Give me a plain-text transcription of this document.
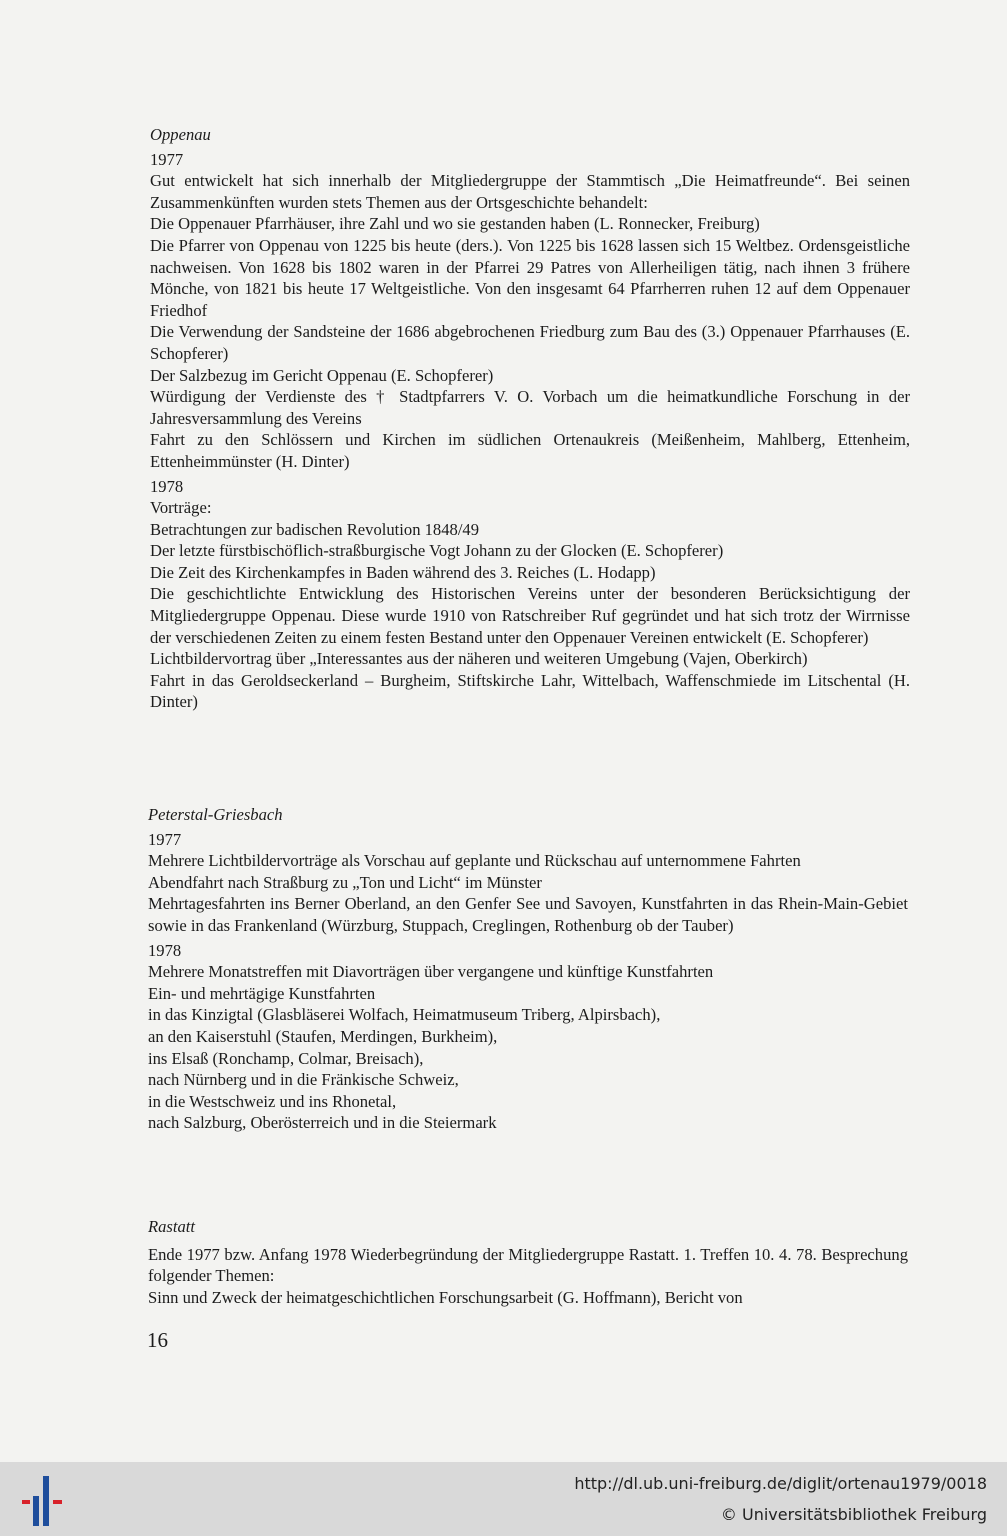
Oppenau

1977

Gut entwickelt hat sich innerhalb der Mitgliedergruppe der Stammtisch „Die Heimatfreunde“. Bei seinen Zusammenkünften wurden stets Themen aus der Ortsgeschichte behandelt:

Die Oppenauer Pfarrhäuser, ihre Zahl und wo sie gestanden haben (L. Ronnecker, Freiburg)

Die Pfarrer von Oppenau von 1225 bis heute (ders.). Von 1225 bis 1628 lassen sich 15 Weltbez. Ordensgeistliche nachweisen. Von 1628 bis 1802 waren in der Pfarrei 29 Patres von Allerheiligen tätig, nach ihnen 3 frühere Mönche, von 1821 bis heute 17 Weltgeistliche. Von den insgesamt 64 Pfarrherren ruhen 12 auf dem Oppenauer Friedhof

Die Verwendung der Sandsteine der 1686 abgebrochenen Friedburg zum Bau des (3.) Oppenauer Pfarrhauses (E. Schopferer)

Der Salzbezug im Gericht Oppenau (E. Schopferer)

Würdigung der Verdienste des † Stadtpfarrers V. O. Vorbach um die heimatkundliche Forschung in der Jahresversammlung des Vereins

Fahrt zu den Schlössern und Kirchen im südlichen Ortenaukreis (Meißenheim, Mahlberg, Ettenheim, Ettenheimmünster (H. Dinter)

1978

Vorträge:

Betrachtungen zur badischen Revolution 1848/49

Der letzte fürstbischöflich-straßburgische Vogt Johann zu der Glocken (E. Schopferer)

Die Zeit des Kirchenkampfes in Baden während des 3. Reiches (L. Hodapp)

Die geschichtlichte Entwicklung des Historischen Vereins unter der besonderen Berücksichtigung der Mitgliedergruppe Oppenau. Diese wurde 1910 von Ratschreiber Ruf gegründet und hat sich trotz der Wirrnisse der verschiedenen Zeiten zu einem festen Bestand unter den Oppenauer Vereinen entwickelt (E. Schopferer)

Lichtbildervortrag über „Interessantes aus der näheren und weiteren Umgebung (Vajen, Oberkirch)

Fahrt in das Geroldseckerland – Burgheim, Stiftskirche Lahr, Wittelbach, Waffenschmiede im Litschental (H. Dinter)

Peterstal-Griesbach

1977

Mehrere Lichtbildervorträge als Vorschau auf geplante und Rückschau auf unternommene Fahrten

Abendfahrt nach Straßburg zu „Ton und Licht“ im Münster

Mehrtagesfahrten ins Berner Oberland, an den Genfer See und Savoyen, Kunstfahrten in das Rhein-Main-Gebiet sowie in das Frankenland (Würzburg, Stuppach, Creglingen, Rothenburg ob der Tauber)

1978

Mehrere Monatstreffen mit Diavorträgen über vergangene und künftige Kunstfahrten

Ein- und mehrtägige Kunstfahrten

in das Kinzigtal (Glasbläserei Wolfach, Heimatmuseum Triberg, Alpirsbach),

an den Kaiserstuhl (Staufen, Merdingen, Burkheim),

ins Elsaß (Ronchamp, Colmar, Breisach),

nach Nürnberg und in die Fränkische Schweiz,

in die Westschweiz und ins Rhonetal,

nach Salzburg, Oberösterreich und in die Steiermark

Rastatt

Ende 1977 bzw. Anfang 1978 Wiederbegründung der Mitgliedergruppe Rastatt. 1. Treffen 10. 4. 78. Besprechung folgender Themen:

Sinn und Zweck der heimatgeschichtlichen Forschungsarbeit (G. Hoffmann), Bericht von

16
http://dl.ub.uni-freiburg.de/diglit/ortenau1979/0018
© Universitätsbibliothek Freiburg
